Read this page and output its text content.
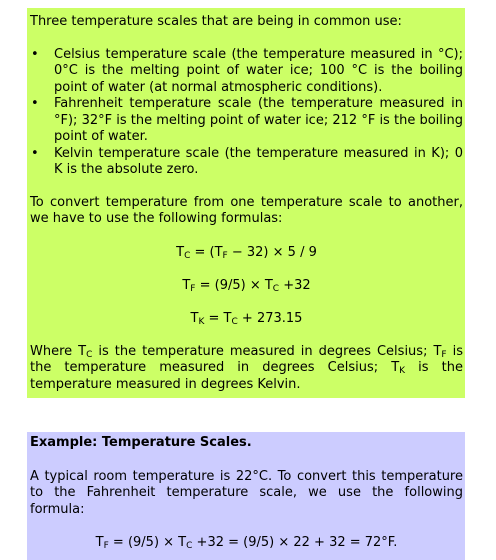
Three temperature scales that are being in common use:

• Celsius temperature scale (the temperature measured in °C); 0°C is the melting point of water ice; 100 °C is the boiling point of water (at normal atmospheric conditions).
• Fahrenheit temperature scale (the temperature measured in °F); 32°F is the melting point of water ice; 212 °F is the boiling point of water.
• Kelvin temperature scale (the temperature measured in K); 0 K is the absolute zero.

To convert temperature from one temperature scale to another, we have to use the following formulas:

$T_C = (T_F - 32) \times 5 / 9$
$T_F = (9/5) \times T_C +32$
$T_K = T_C + 273.15$

Where $T_C$ is the temperature measured in degrees Celsius; $T_F$ is the temperature measured in degrees Celsius; $T_K$ is the temperature measured in degrees Kelvin.

Example: Temperature Scales.

A typical room temperature is 22°C. To convert this temperature to the Fahrenheit temperature scale, we use the following formula:

$T_F = (9/5) \times T_C +32 = (9/5) \times 22 + 32 = 72^\circ F$.
